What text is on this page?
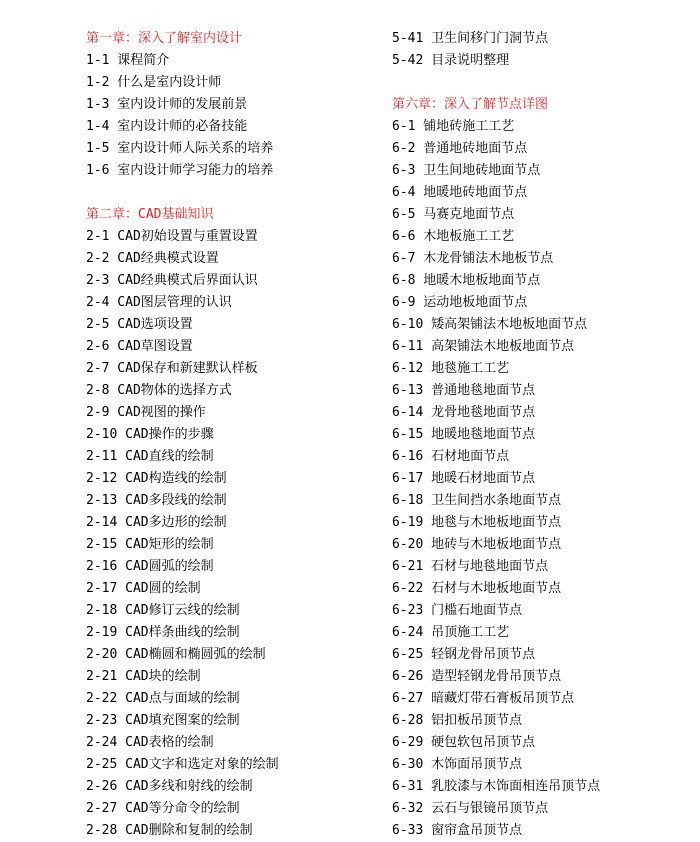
第一章：深入了解室内设计
1-1 课程简介
1-2 什么是室内设计师
1-3 室内设计师的发展前景
1-4 室内设计师的必备技能
1-5 室内设计师人际关系的培养
1-6 室内设计师学习能力的培养
第二章：CAD基础知识
2-1 CAD初始设置与重置设置
2-2 CAD经典模式设置
2-3 CAD经典模式后界面认识
2-4 CAD图层管理的认识
2-5 CAD选项设置
2-6 CAD草图设置
2-7 CAD保存和新建默认样板
2-8 CAD物体的选择方式
2-9 CAD视图的操作
2-10 CAD操作的步骤
2-11 CAD直线的绘制
2-12 CAD构造线的绘制
2-13 CAD多段线的绘制
2-14 CAD多边形的绘制
2-15 CAD矩形的绘制
2-16 CAD圆弧的绘制
2-17 CAD圆的绘制
2-18 CAD修订云线的绘制
2-19 CAD样条曲线的绘制
2-20 CAD椭圆和椭圆弧的绘制
2-21 CAD块的绘制
2-22 CAD点与面域的绘制
2-23 CAD填充图案的绘制
2-24 CAD表格的绘制
2-25 CAD文字和选定对象的绘制
2-26 CAD多线和射线的绘制
2-27 CAD等分命令的绘制
2-28 CAD删除和复制的绘制
5-41 卫生间移门门洞节点
5-42 目录说明整理
第六章：深入了解节点详图
6-1 铺地砖施工工艺
6-2 普通地砖地面节点
6-3 卫生间地砖地面节点
6-4 地暖地砖地面节点
6-5 马赛克地面节点
6-6 木地板施工工艺
6-7 木龙骨铺法木地板节点
6-8 地暖木地板地面节点
6-9 运动地板地面节点
6-10 矮高架铺法木地板地面节点
6-11 高架铺法木地板地面节点
6-12 地毯施工工艺
6-13 普通地毯地面节点
6-14 龙骨地毯地面节点
6-15 地暖地毯地面节点
6-16 石材地面节点
6-17 地暖石材地面节点
6-18 卫生间挡水条地面节点
6-19 地毯与木地板地面节点
6-20 地砖与木地板地面节点
6-21 石材与地毯地面节点
6-22 石材与木地板地面节点
6-23 门槛石地面节点
6-24 吊顶施工工艺
6-25 轻钢龙骨吊顶节点
6-26 造型轻钢龙骨吊顶节点
6-27 暗藏灯带石膏板吊顶节点
6-28 铝扣板吊顶节点
6-29 硬包软包吊顶节点
6-30 木饰面吊顶节点
6-31 乳胶漆与木饰面相连吊顶节点
6-32 云石与银镜吊顶节点
6-33 窗帘盒吊顶节点
